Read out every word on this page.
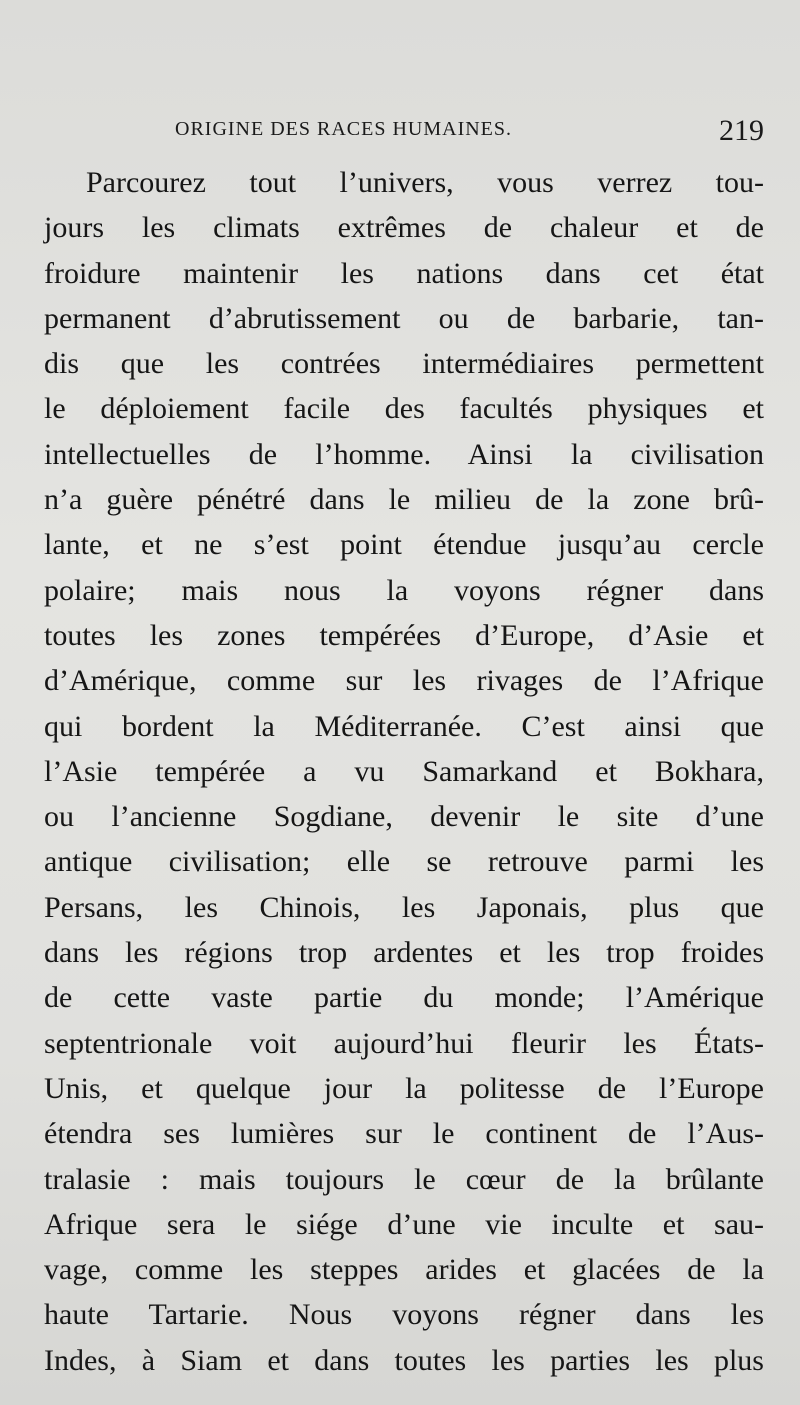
ORIGINE DES RACES HUMAINES.	219
Parcourez tout l’univers, vous verrez tou-
jours les climats extrêmes de chaleur et de
froidure maintenir les nations dans cet état
permanent d’abrutissement ou de barbarie, tan-
dis que les contrées intermédiaires permettent
le déploiement facile des facultés physiques et
intellectuelles de l’homme. Ainsi la civilisation
n’a guère pénétré dans le milieu de la zone brû-
lante, et ne s’est point étendue jusqu’au cercle
polaire; mais nous la voyons régner dans
toutes les zones tempérées d’Europe, d’Asie et
d’Amérique, comme sur les rivages de l’Afrique
qui bordent la Méditerranée. C’est ainsi que
l’Asie tempérée a vu Samarkand et Bokhara,
ou l’ancienne Sogdiane, devenir le site d’une
antique civilisation; elle se retrouve parmi les
Persans, les Chinois, les Japonais, plus que
dans les régions trop ardentes et les trop froides
de cette vaste partie du monde; l’Amérique
septentrionale voit aujourd’hui fleurir les États-
Unis, et quelque jour la politesse de l’Europe
étendra ses lumières sur le continent de l’Aus-
tralasie : mais toujours le cœur de la brûlante
Afrique sera le siége d’une vie inculte et sau-
vage, comme les steppes arides et glacées de la
haute Tartarie. Nous voyons régner dans les
Indes, à Siam et dans toutes les parties les plus
